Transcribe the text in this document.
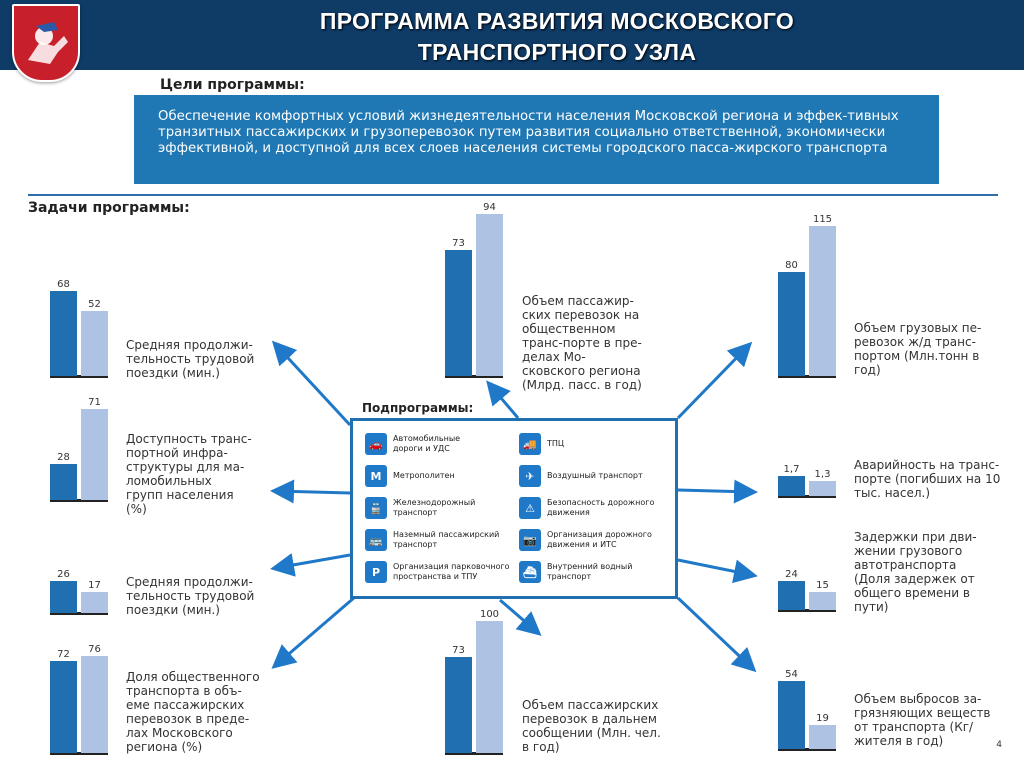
ПРОГРАММА РАЗВИТИЯ МОСКОВСКОГО
ТРАНСПОРТНОГО УЗЛА
Цели программы:
Обеспечение комфортных условий жизнедеятельности населения Московской региона и эффек-тивных транзитных пассажирских и грузоперевозок путем развития социально ответственной, экономически эффективной, и доступной для всех слоев населения системы городского пасса-жирского транспорта
Задачи программы:
68
52
Средняя продолжи-тельность трудовой поездки (мин.)
28
71
Доступность транс-портной инфра-структуры для ма-ломобильных групп населения (%)
26
17	Средняя продолжи-тельность трудовой поездки (мин.)
72	76
Доля общественного транспорта в объ-еме пассажирских перевозок в преде-лах Московского региона (%)
73
94
Объем пассажир-ских перевозок на общественном транс-порте в пре-делах Мо-сковского региона (Млрд. пасс. в год)
73
100
Объем пассажирских перевозок в дальнем сообщении (Млн. чел. в год)
80
115
Объем грузовых пе-ревозок ж/д транс-портом (Млн.тонн в год)
1,7	1,3
Аварийность на транс-порте (погибших на 10 тыс. насел.)
24
15
Задержки при дви-жении грузового автотранспорта (Доля задержек от общего времени в пути)
54
19
Объем выбросов за-грязняющих веществ от транспорта (Кг/жителя в год)
Подпрограммы:
🚗	Автомобильные дороги и УДС	🚚	ТПЦ
М	Метрополитен	✈	Воздушный транспорт
🚆	Железнодорожный транспорт	⚠	Безопасность дорожного движения
🚌	Наземный пассажирский транспорт	📷	Организация дорожного движения и ИТС
P	Организация парковочного пространства и ТПУ	⛴	Внутренний водный транспорт
4
